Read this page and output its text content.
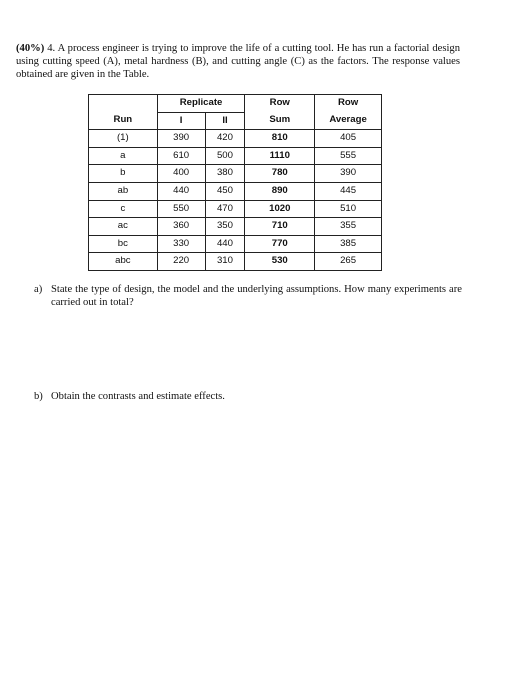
(40%) 4. A process engineer is trying to improve the life of a cutting tool. He has run a factorial design using cutting speed (A), metal hardness (B), and cutting angle (C) as the factors. The response values obtained are given in the Table.
	Replicate		Row	Row
Run	I	II	Sum	Average
(1)	390	420	810	405
a	610	500	1110	555
b	400	380	780	390
ab	440	450	890	445
c	550	470	1020	510
ac	360	350	710	355
bc	330	440	770	385
abc	220	310	530	265
a) State the type of design, the model and the underlying assumptions. How many experiments are carried out in total?
b) Obtain the contrasts and estimate effects.
